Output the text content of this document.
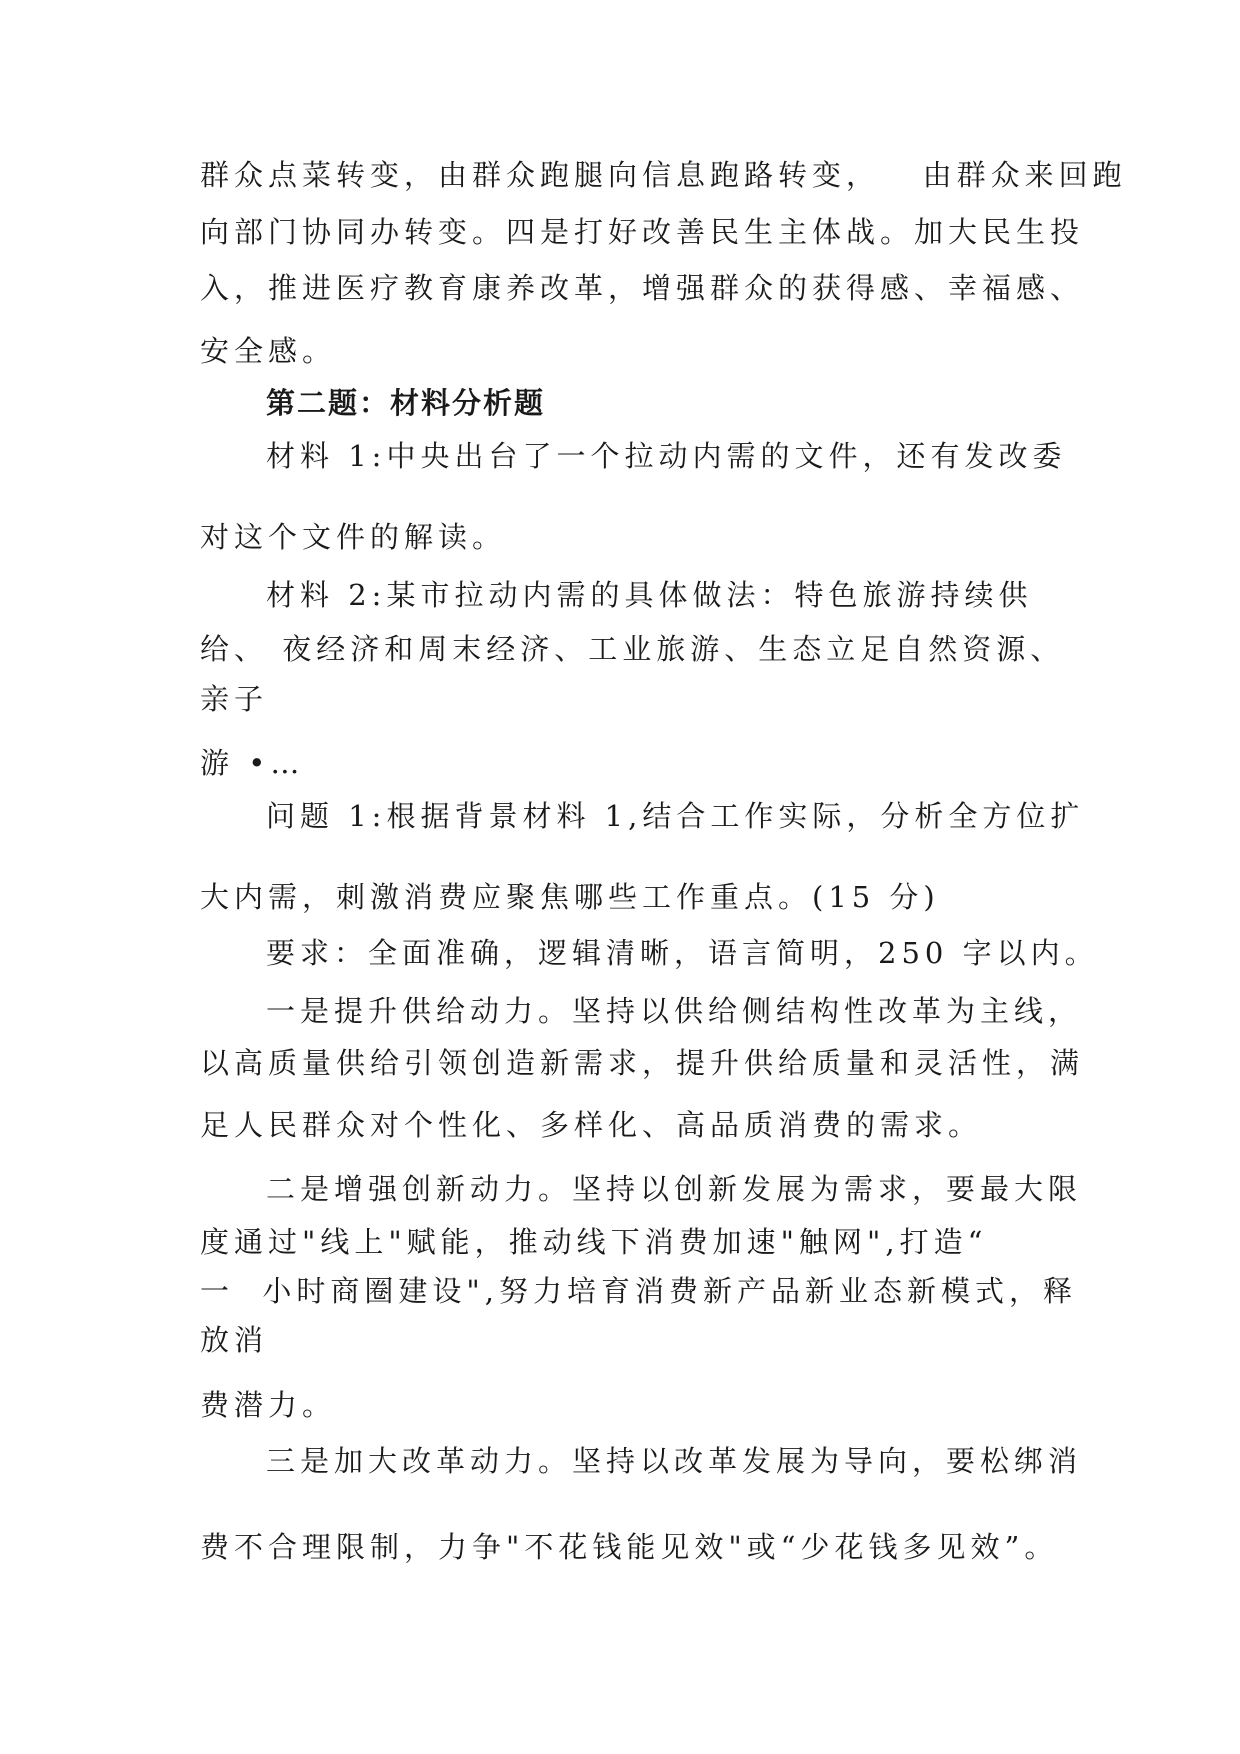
群众点菜转变，由群众跑腿向信息跑路转变，   由群众来回跑
向部门协同办转变。四是打好改善民生主体战。加大民生投
入，推进医疗教育康养改革，增强群众的获得感、幸福感、
安全感。
第二题：材料分析题
材料 1:中央出台了一个拉动内需的文件，还有发改委
对这个文件的解读。
材料 2:某市拉动内需的具体做法：特色旅游持续供
给、 夜经济和周末经济、工业旅游、生态立足自然资源、
亲子
游 •…
问题 1:根据背景材料 1,结合工作实际，分析全方位扩
大内需，刺激消费应聚焦哪些工作重点。(15 分)
要求：全面准确，逻辑清晰，语言简明，250 字以内。
一是提升供给动力。坚持以供给侧结构性改革为主线，
以高质量供给引领创造新需求，提升供给质量和灵活性，满
足人民群众对个性化、多样化、高品质消费的需求。
二是增强创新动力。坚持以创新发展为需求，要最大限
度通过"线上"赋能，推动线下消费加速"触网",打造“
一  小时商圈建设",努力培育消费新产品新业态新模式，释
放消
费潜力。
三是加大改革动力。坚持以改革发展为导向，要松绑消
费不合理限制，力争"不花钱能见效"或“少花钱多见效”。
